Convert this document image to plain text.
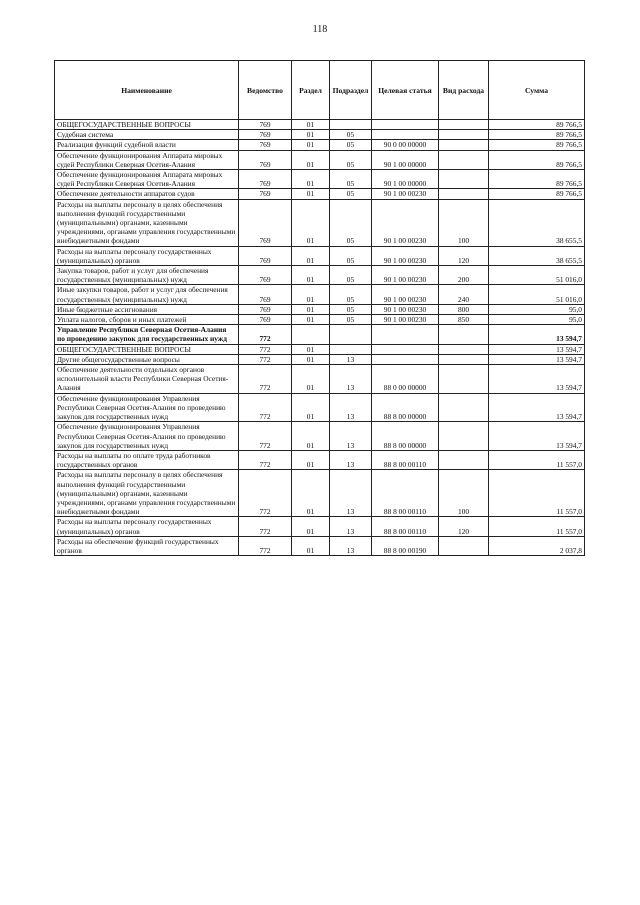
118
Наименование	Ведомство	Раздел	Подраздел	Целевая статья	Вид расхода	Сумма
ОБЩЕГОСУДАРСТВЕННЫЕ ВОПРОСЫ	769	01				89 766,5
Судебная система	769	01	05			89 766,5
Реализация функций судебной власти	769	01	05	90 0 00 00000		89 766,5
Обеспечение функционирования Аппарата мировых судей Республики Северная Осетия-Алания	769	01	05	90 1 00 00000		89 766,5
Обеспечение функционирования Аппарата мировых судей Республики Северная Осетия-Алания	769	01	05	90 1 00 00000		89 766,5
Обеспечение деятельности аппаратов судов	769	01	05	90 1 00 00230		89 766,5
Расходы на выплаты персоналу в целях обеспечения выполнения функций государственными (муниципальными) органами, казенными учреждениями, органами управления государственными внебюджетными фондами	769	01	05	90 1 00 00230	100	38 655,5
Расходы на выплаты персоналу государственных (муниципальных) органов	769	01	05	90 1 00 00230	120	38 655,5
Закупка товаров, работ и услуг для обеспечения государственных (муниципальных) нужд	769	01	05	90 1 00 00230	200	51 016,0
Иные закупки товаров, работ и услуг для обеспечения государственных (муниципальных) нужд	769	01	05	90 1 00 00230	240	51 016,0
Иные бюджетные ассигнования	769	01	05	90 1 00 00230	800	95,0
Уплата налогов, сборов и иных платежей	769	01	05	90 1 00 00230	850	95,0
Управление Республики Северная Осетия-Алания по проведению закупок для государственных нужд	772					13 594,7
ОБЩЕГОСУДАРСТВЕННЫЕ ВОПРОСЫ	772	01				13 594,7
Другие общегосударственные вопросы	772	01	13			13 594,7
Обеспечение деятельности отдельных органов исполнительной власти Республики Северная Осетия-Алания	772	01	13	88 0 00 00000		13 594,7
Обеспечение функционирования Управления Республики Северная Осетия-Алания по проведению закупок для государственных нужд	772	01	13	88 8 00 00000		13 594,7
Обеспечение функционирования Управления Республики Северная Осетия-Алания по проведению закупок для государственных нужд	772	01	13	88 8 00 00000		13 594,7
Расходы на выплаты по оплате труда работников государственных органов	772	01	13	88 8 00 00110		11 557,0
Расходы на выплаты персоналу в целях обеспечения выполнения функций государственными (муниципальными) органами, казенными учреждениями, органами управления государственными внебюджетными фондами	772	01	13	88 8 00 00110	100	11 557,0
Расходы на выплаты персоналу государственных (муниципальных) органов	772	01	13	88 8 00 00110	120	11 557,0
Расходы на обеспечение функций государственных органов	772	01	13	88 8 00 00190		2 037,8
